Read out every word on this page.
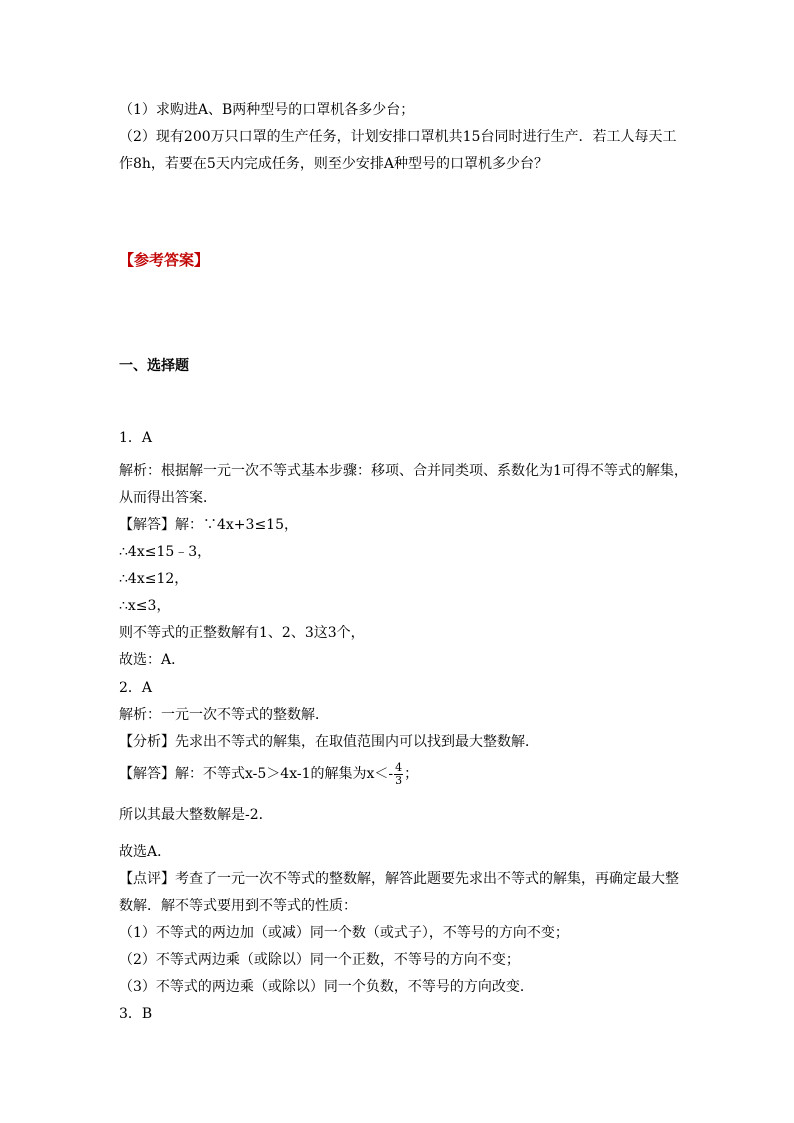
（1）求购进A、B两种型号的口罩机各多少台；
（2）现有200万只口罩的生产任务，计划安排口罩机共15台同时进行生产．若工人每天工
作8h，若要在5天内完成任务，则至少安排A种型号的口罩机多少台？
【参考答案】
一、选择题
1．A
解析：根据解一元一次不等式基本步骤：移项、合并同类项、系数化为1可得不等式的解集，
从而得出答案．
【解答】解：∵4x+3≤15，
∴4x≤15﹣3，
∴4x≤12，
∴x≤3，
则不等式的正整数解有1、2、3这3个，
故选：A．
2．A
解析：一元一次不等式的整数解．
【分析】先求出不等式的解集，在取值范围内可以找到最大整数解．
【解答】解：不等式x-5＞4x-1的解集为$x<- \frac{4}{3}$ ；
所以其最大整数解是-2．
故选A．
【点评】考查了一元一次不等式的整数解，解答此题要先求出不等式的解集，再确定最大整
数解．解不等式要用到不等式的性质：
（1）不等式的两边加（或减）同一个数（或式子），不等号的方向不变；
（2）不等式两边乘（或除以）同一个正数，不等号的方向不变；
（3）不等式的两边乘（或除以）同一个负数，不等号的方向改变．
3．B
